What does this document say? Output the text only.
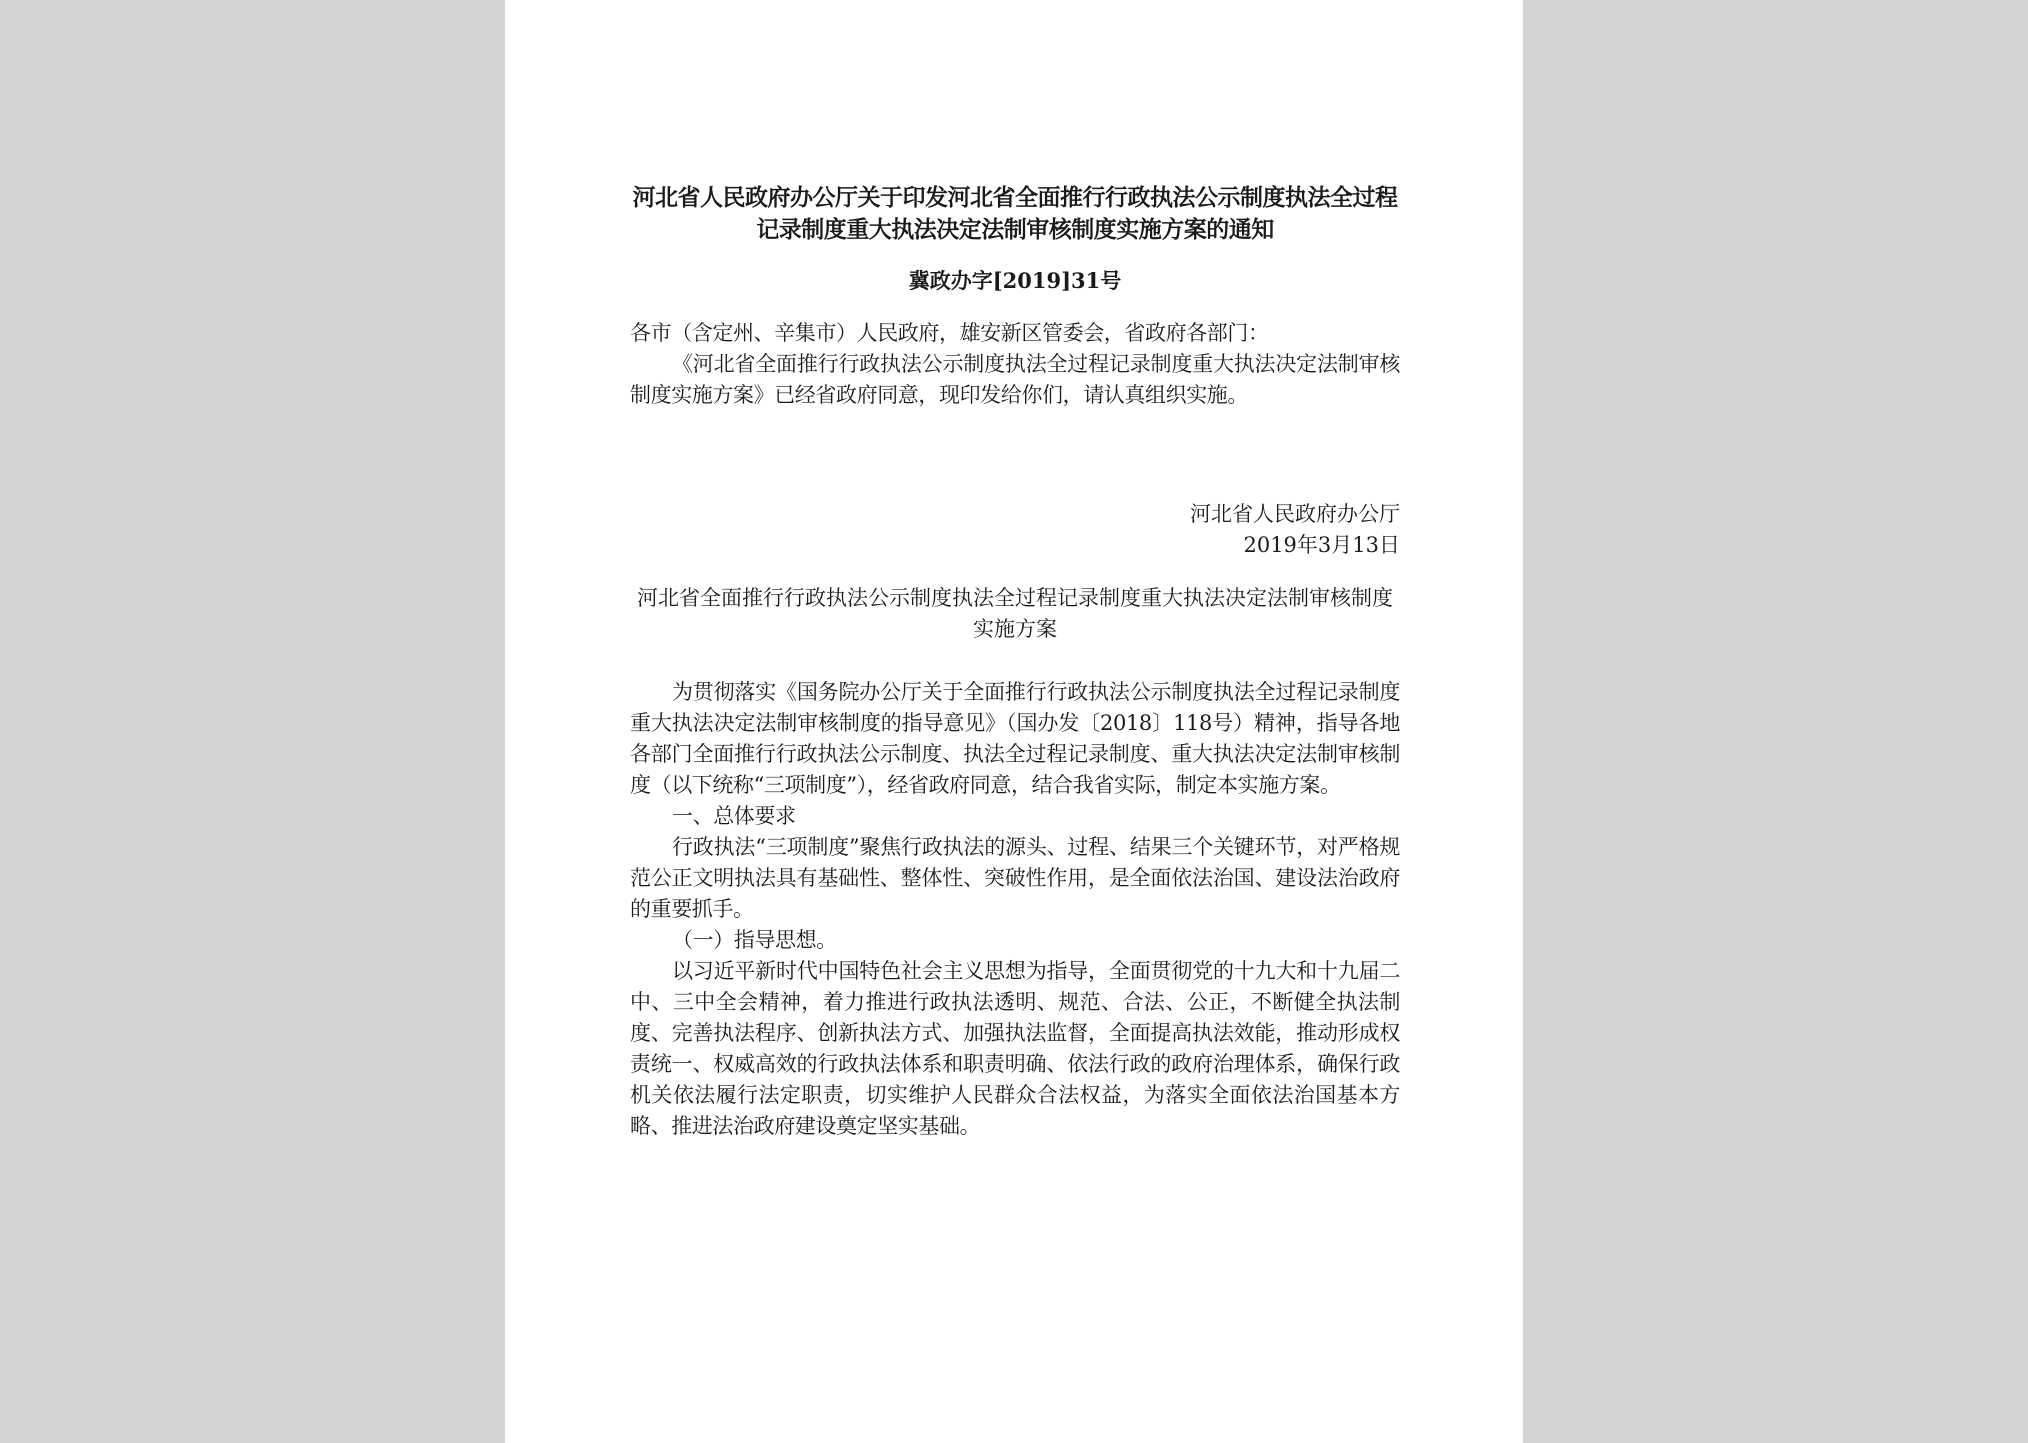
河北省人民政府办公厅关于印发河北省全面推行行政执法公示制度执法全过程记录制度重大执法决定法制审核制度实施方案的通知
冀政办字[2019]31号

各市（含定州、辛集市）人民政府，雄安新区管委会，省政府各部门：

《河北省全面推行行政执法公示制度执法全过程记录制度重大执法决定法制审核制度实施方案》已经省政府同意，现印发给你们，请认真组织实施。

河北省人民政府办公厅
2019年3月13日
河北省全面推行行政执法公示制度执法全过程记录制度重大执法决定法制审核制度实施方案

为贯彻落实《国务院办公厅关于全面推行行政执法公示制度执法全过程记录制度重大执法决定法制审核制度的指导意见》（国办发〔2018〕118号）精神，指导各地各部门全面推行行政执法公示制度、执法全过程记录制度、重大执法决定法制审核制度（以下统称“三项制度”），经省政府同意，结合我省实际，制定本实施方案。

一、总体要求

行政执法“三项制度”聚焦行政执法的源头、过程、结果三个关键环节，对严格规范公正文明执法具有基础性、整体性、突破性作用，是全面依法治国、建设法治政府的重要抓手。

（一）指导思想。

以习近平新时代中国特色社会主义思想为指导，全面贯彻党的十九大和十九届二中、三中全会精神，着力推进行政执法透明、规范、合法、公正，不断健全执法制度、完善执法程序、创新执法方式、加强执法监督，全面提高执法效能，推动形成权责统一、权威高效的行政执法体系和职责明确、依法行政的政府治理体系，确保行政机关依法履行法定职责，切实维护人民群众合法权益，为落实全面依法治国基本方略、推进法治政府建设奠定坚实基础。
